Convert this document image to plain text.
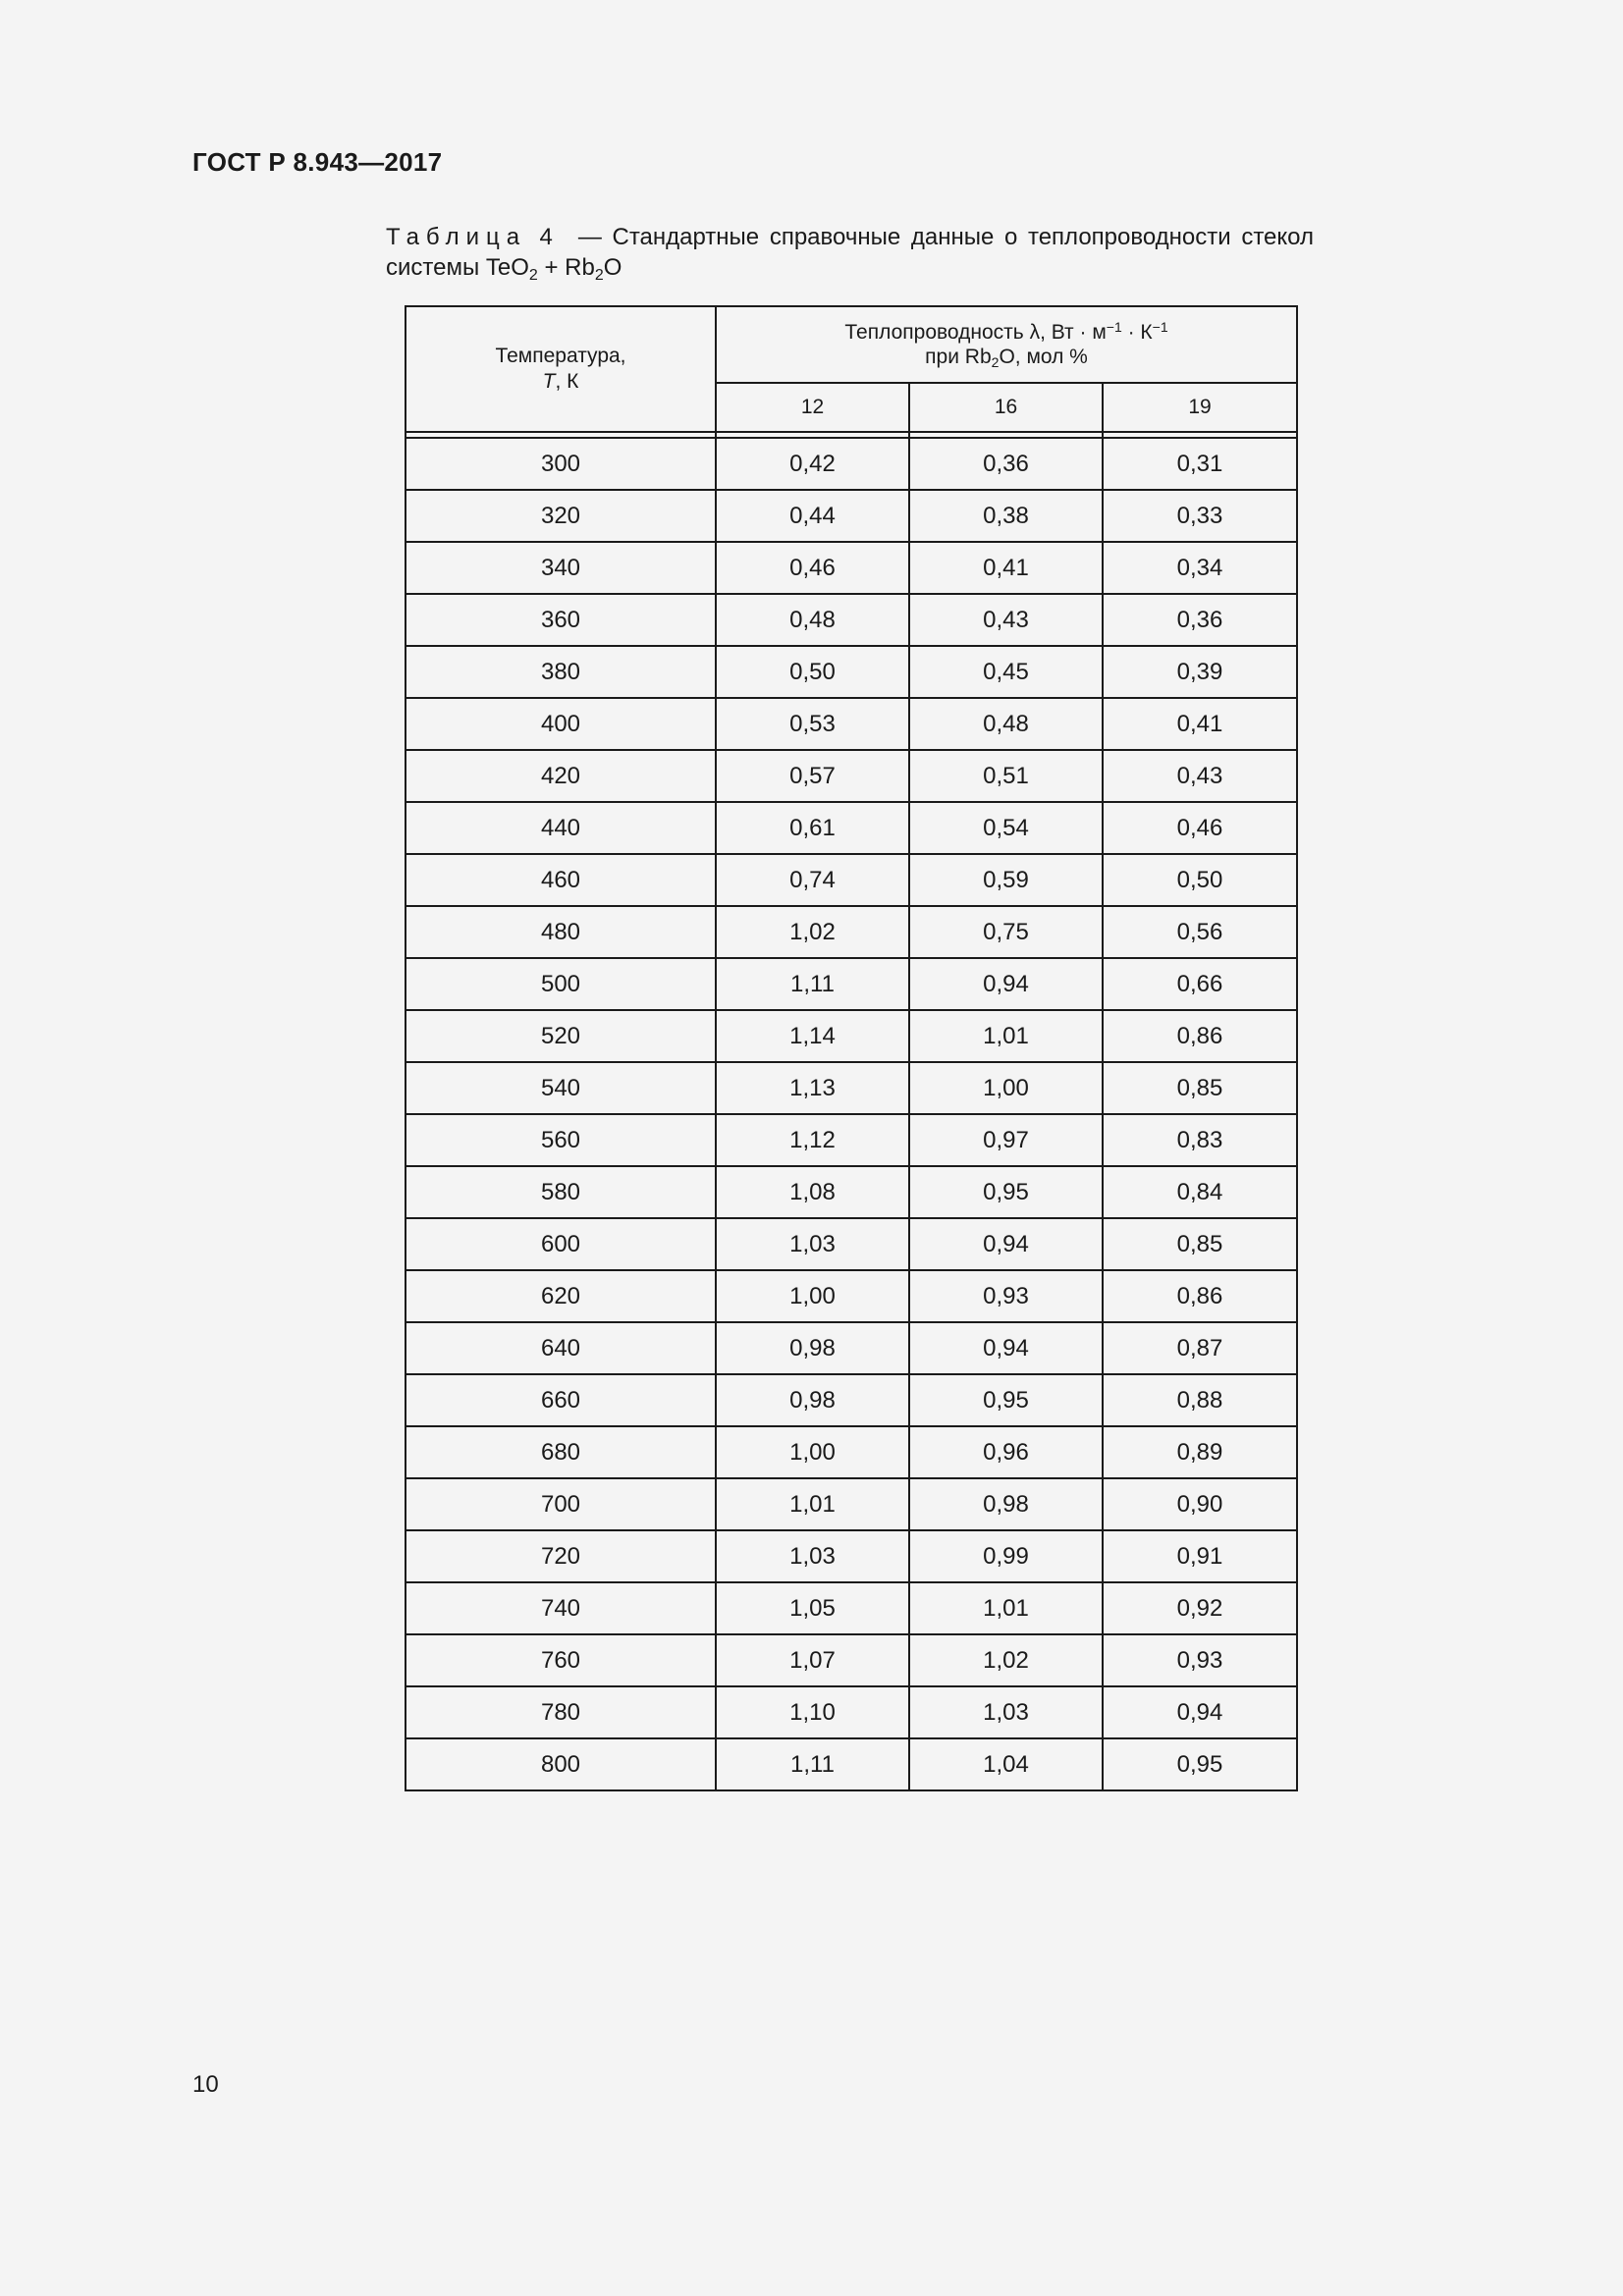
ГОСТ Р 8.943—2017
Таблица 4 — Стандартные справочные данные о теплопроводности стекол
системы $TeO_2 + Rb_2O$
Температура,
T, К	Теплопроводность λ, Вт · $м^{-1} \cdot К^{-1}$
при $Rb_2O$, мол %		
	12	16	19

300	0,42	0,36	0,31
320	0,44	0,38	0,33
340	0,46	0,41	0,34
360	0,48	0,43	0,36
380	0,50	0,45	0,39
400	0,53	0,48	0,41
420	0,57	0,51	0,43
440	0,61	0,54	0,46
460	0,74	0,59	0,50
480	1,02	0,75	0,56
500	1,11	0,94	0,66
520	1,14	1,01	0,86
540	1,13	1,00	0,85
560	1,12	0,97	0,83
580	1,08	0,95	0,84
600	1,03	0,94	0,85
620	1,00	0,93	0,86
640	0,98	0,94	0,87
660	0,98	0,95	0,88
680	1,00	0,96	0,89
700	1,01	0,98	0,90
720	1,03	0,99	0,91
740	1,05	1,01	0,92
760	1,07	1,02	0,93
780	1,10	1,03	0,94
800	1,11	1,04	0,95
10
